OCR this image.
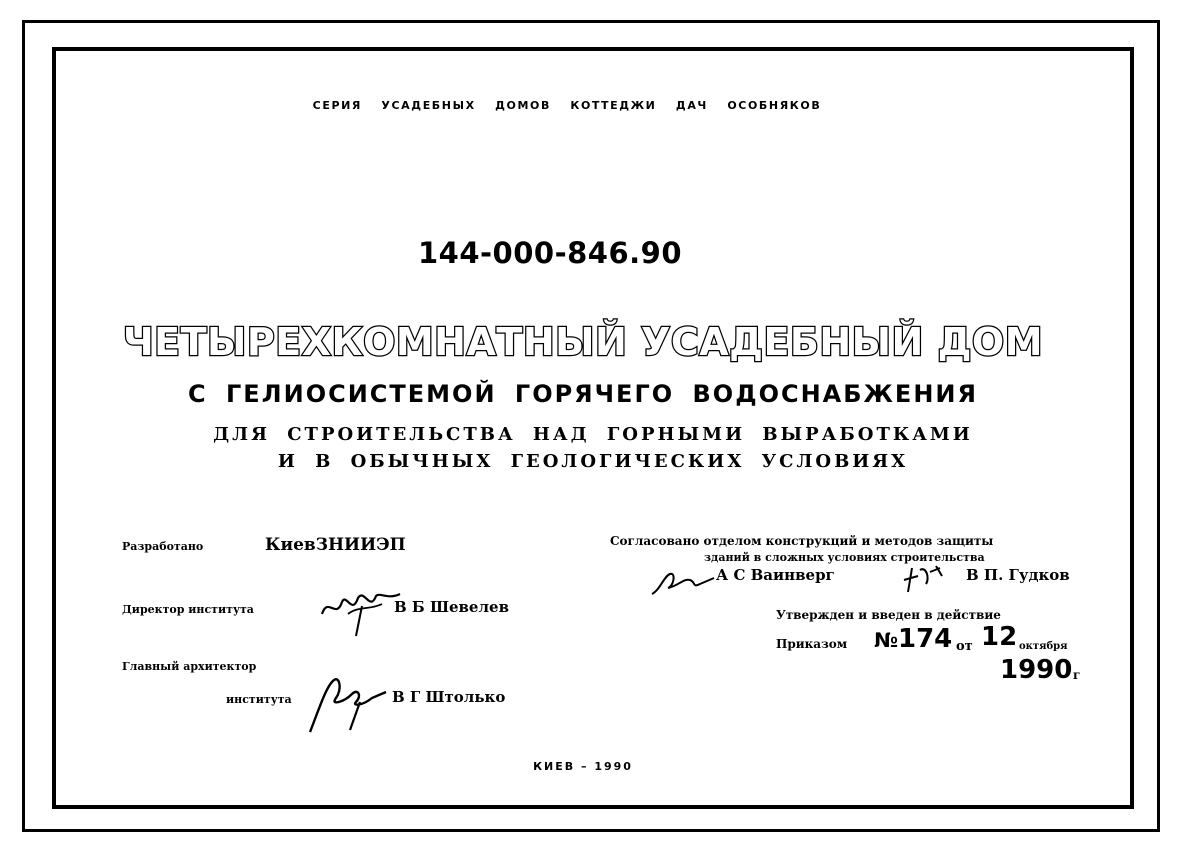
СЕРИЯ УСАДЕБНЫХ ДОМОВ КОТТЕДЖИ ДАЧ ОСОБНЯКОВ
144-000-846.90
ЧЕТЫРЕХКОМНАТНЫЙ УСАДЕБНЫЙ ДОМ
С ГЕЛИОСИСТЕМОЙ ГОРЯЧЕГО ВОДОСНАБЖЕНИЯ
ДЛЯ СТРОИТЕЛЬСТВА НАД ГОРНЫМИ ВЫРАБОТКАМИ
И В ОБЫЧНЫХ ГЕОЛОГИЧЕСКИХ УСЛОВИЯХ
Разработано	КиевЗНИИЭП
Директор института	В Б Шевелев
Главный архитектор
института	В Г Штолько
Согласовано отделом конструкций и методов защиты
зданий в сложных условиях строительства
А С Ваинверг	В П. Гудков
Утвержден и введен в действие
Приказом № 174 от 12 октября
1990 г
КИЕВ – 1990
